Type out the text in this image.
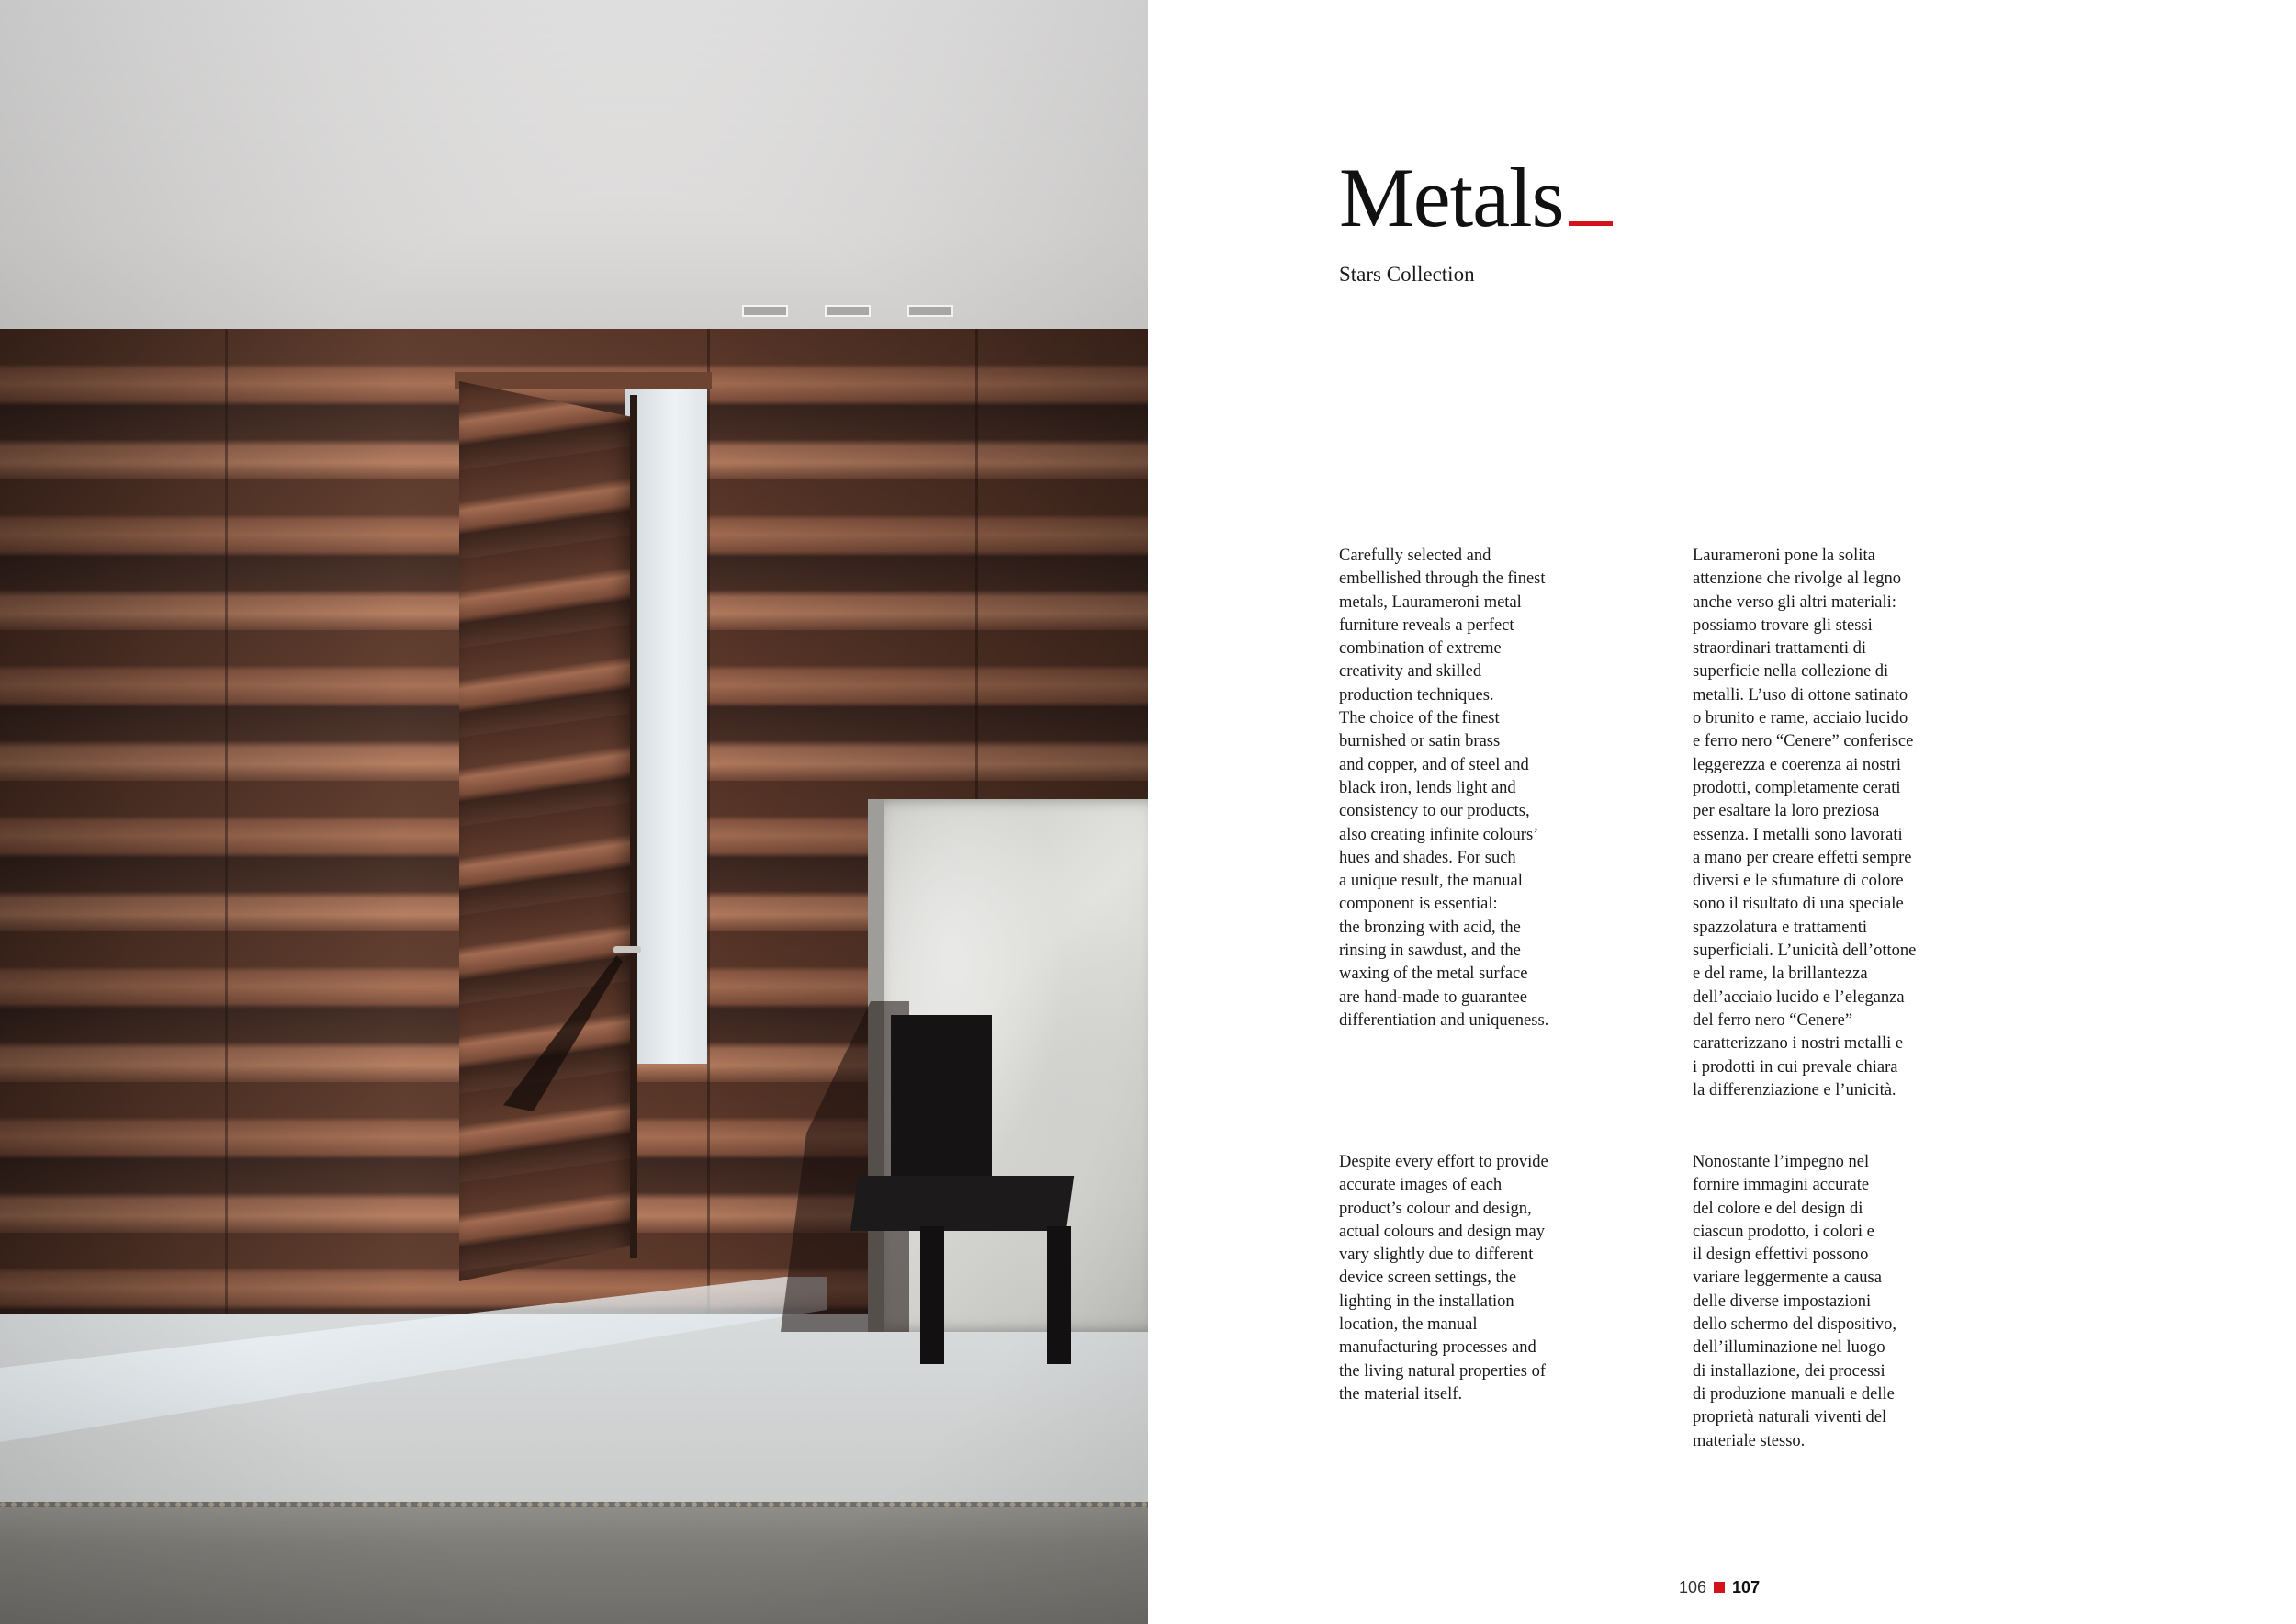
Metals

Stars Collection

Carefully selected and
embellished through the finest
metals, Laurameroni metal
furniture reveals a perfect
combination of extreme
creativity and skilled
production techniques.
The choice of the finest
burnished or satin brass
and copper, and of steel and
black iron, lends light and
consistency to our products,
also creating infinite colours’
hues and shades. For such
a unique result, the manual
component is essential:
the bronzing with acid, the
rinsing in sawdust, and the
waxing of the metal surface
are hand-made to guarantee
differentiation and uniqueness.

Laurameroni pone la solita
attenzione che rivolge al legno
anche verso gli altri materiali:
possiamo trovare gli stessi
straordinari trattamenti di
superficie nella collezione di
metalli. L’uso di ottone satinato
o brunito e rame, acciaio lucido
e ferro nero “Cenere” conferisce
leggerezza e coerenza ai nostri
prodotti, completamente cerati
per esaltare la loro preziosa
essenza. I metalli sono lavorati
a mano per creare effetti sempre
diversi e le sfumature di colore
sono il risultato di una speciale
spazzolatura e trattamenti
superficiali. L’unicità dell’ottone
e del rame, la brillantezza
dell’acciaio lucido e l’eleganza
del ferro nero “Cenere”
caratterizzano i nostri metalli e
i prodotti in cui prevale chiara
la differenziazione e l’unicità.

Despite every effort to provide
accurate images of each
product’s colour and design,
actual colours and design may
vary slightly due to different
device screen settings, the
lighting in the installation
location, the manual
manufacturing processes and
the living natural properties of
the material itself.

Nonostante l’impegno nel
fornire immagini accurate
del colore e del design di
ciascun prodotto, i colori e
il design effettivi possono
variare leggermente a causa
delle diverse impostazioni
dello schermo del dispositivo,
dell’illuminazione nel luogo
di installazione, dei processi
di produzione manuali e delle
proprietà naturali viventi del
materiale stesso.

106 107
